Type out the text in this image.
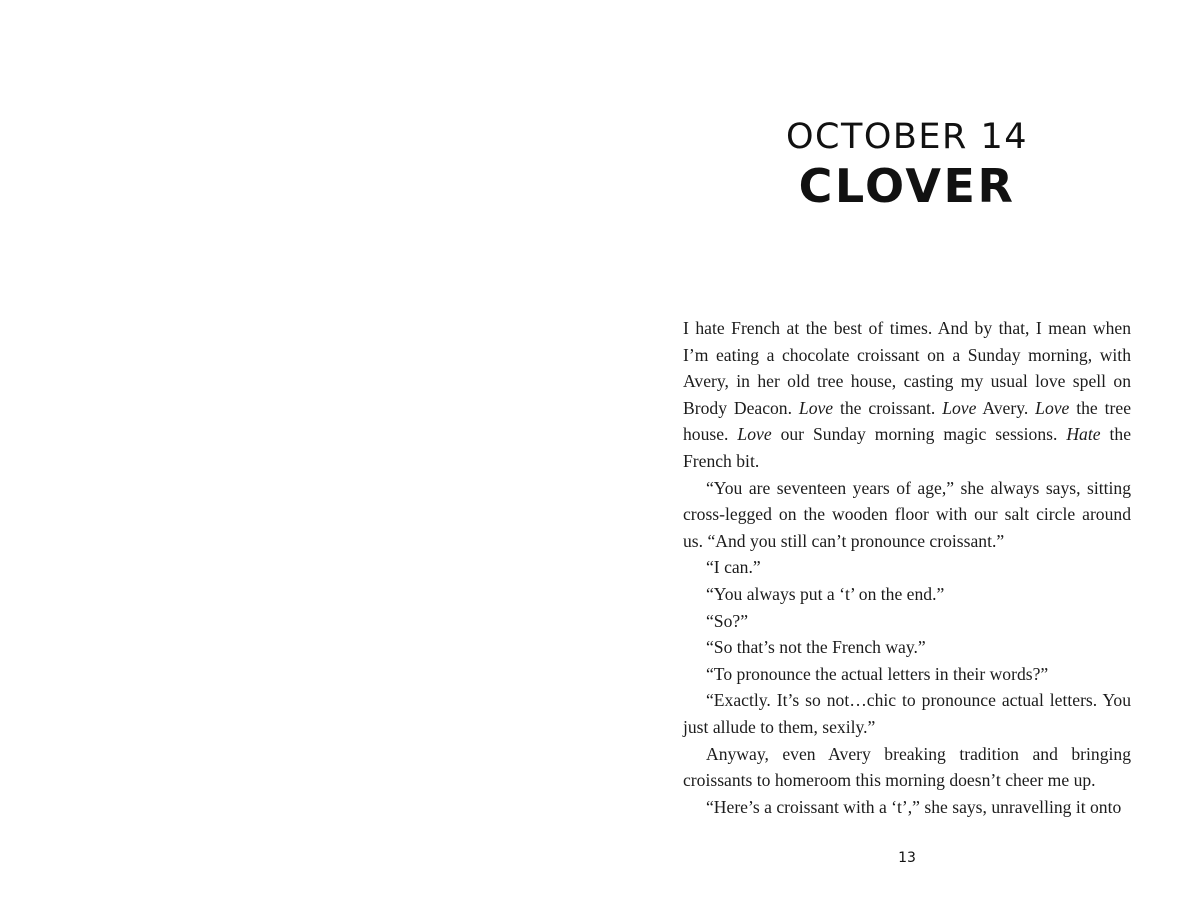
OCTOBER 14
CLOVER

I hate French at the best of times. And by that, I mean when I’m eating a chocolate croissant on a Sunday morning, with Avery, in her old tree house, casting my usual love spell on Brody Deacon. Love the croissant. Love Avery. Love the tree house. Love our Sunday morning magic sessions. Hate the French bit.

“You are seventeen years of age,” she always says, sitting cross-legged on the wooden floor with our salt circle around us. “And you still can’t pronounce croissant.”

“I can.”

“You always put a ‘t’ on the end.”

“So?”

“So that’s not the French way.”

“To pronounce the actual letters in their words?”

“Exactly. It’s so not…chic to pronounce actual letters. You just allude to them, sexily.”

Anyway, even Avery breaking tradition and bringing croissants to homeroom this morning doesn’t cheer me up.

“Here’s a croissant with a ‘t’,” she says, unravelling it onto

13
